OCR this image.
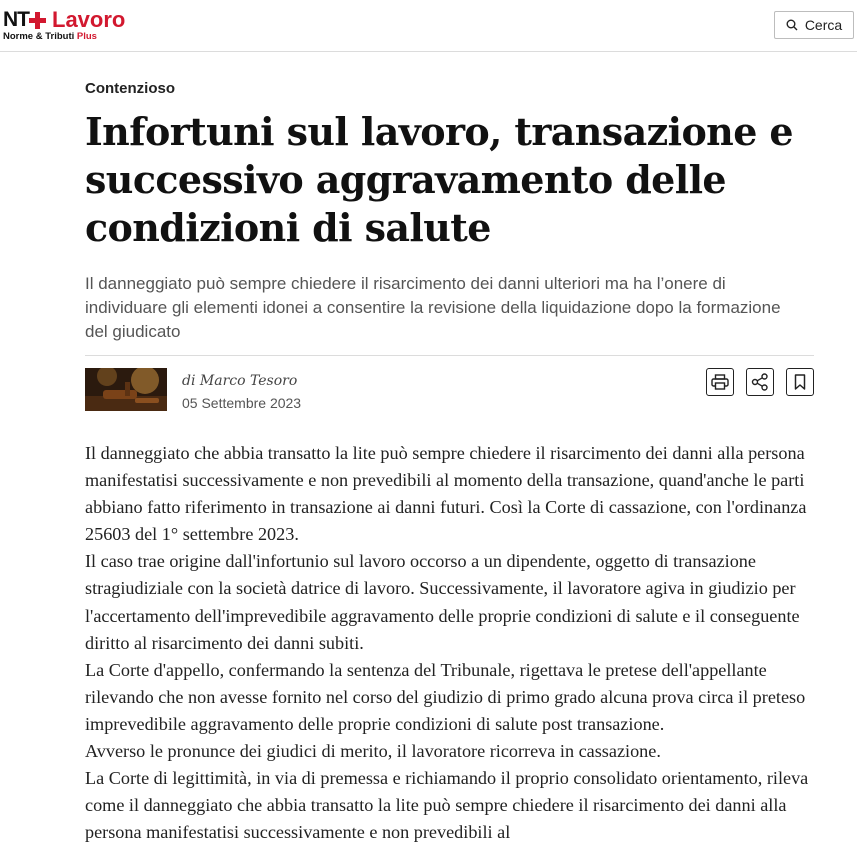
NT Lavoro
Norme & Tributi Plus
Cerca
Contenzioso
Infortuni sul lavoro, transazione e successivo aggravamento delle condizioni di salute

Il danneggiato può sempre chiedere il risarcimento dei danni ulteriori ma ha l’onere di individuare gli elementi idonei a consentire la revisione della liquidazione dopo la formazione del giudicato

di Marco Tesoro
05 Settembre 2023

Il danneggiato che abbia transatto la lite può sempre chiedere il risarcimento dei danni alla persona manifestatisi successivamente e non prevedibili al momento della transazione, quand'anche le parti abbiano fatto riferimento in transazione ai danni futuri. Così la Corte di cassazione, con l'ordinanza 25603 del 1° settembre 2023.

Il caso trae origine dall'infortunio sul lavoro occorso a un dipendente, oggetto di transazione stragiudiziale con la società datrice di lavoro. Successivamente, il lavoratore agiva in giudizio per l'accertamento dell'imprevedibile aggravamento delle proprie condizioni di salute e il conseguente diritto al risarcimento dei danni subiti.

La Corte d'appello, confermando la sentenza del Tribunale, rigettava le pretese dell'appellante rilevando che non avesse fornito nel corso del giudizio di primo grado alcuna prova circa il preteso imprevedibile aggravamento delle proprie condizioni di salute post transazione.

Avverso le pronunce dei giudici di merito, il lavoratore ricorreva in cassazione.

La Corte di legittimità, in via di premessa e richiamando il proprio consolidato orientamento, rileva come il danneggiato che abbia transatto la lite può sempre chiedere il risarcimento dei danni alla persona manifestatisi successivamente e non prevedibili al
